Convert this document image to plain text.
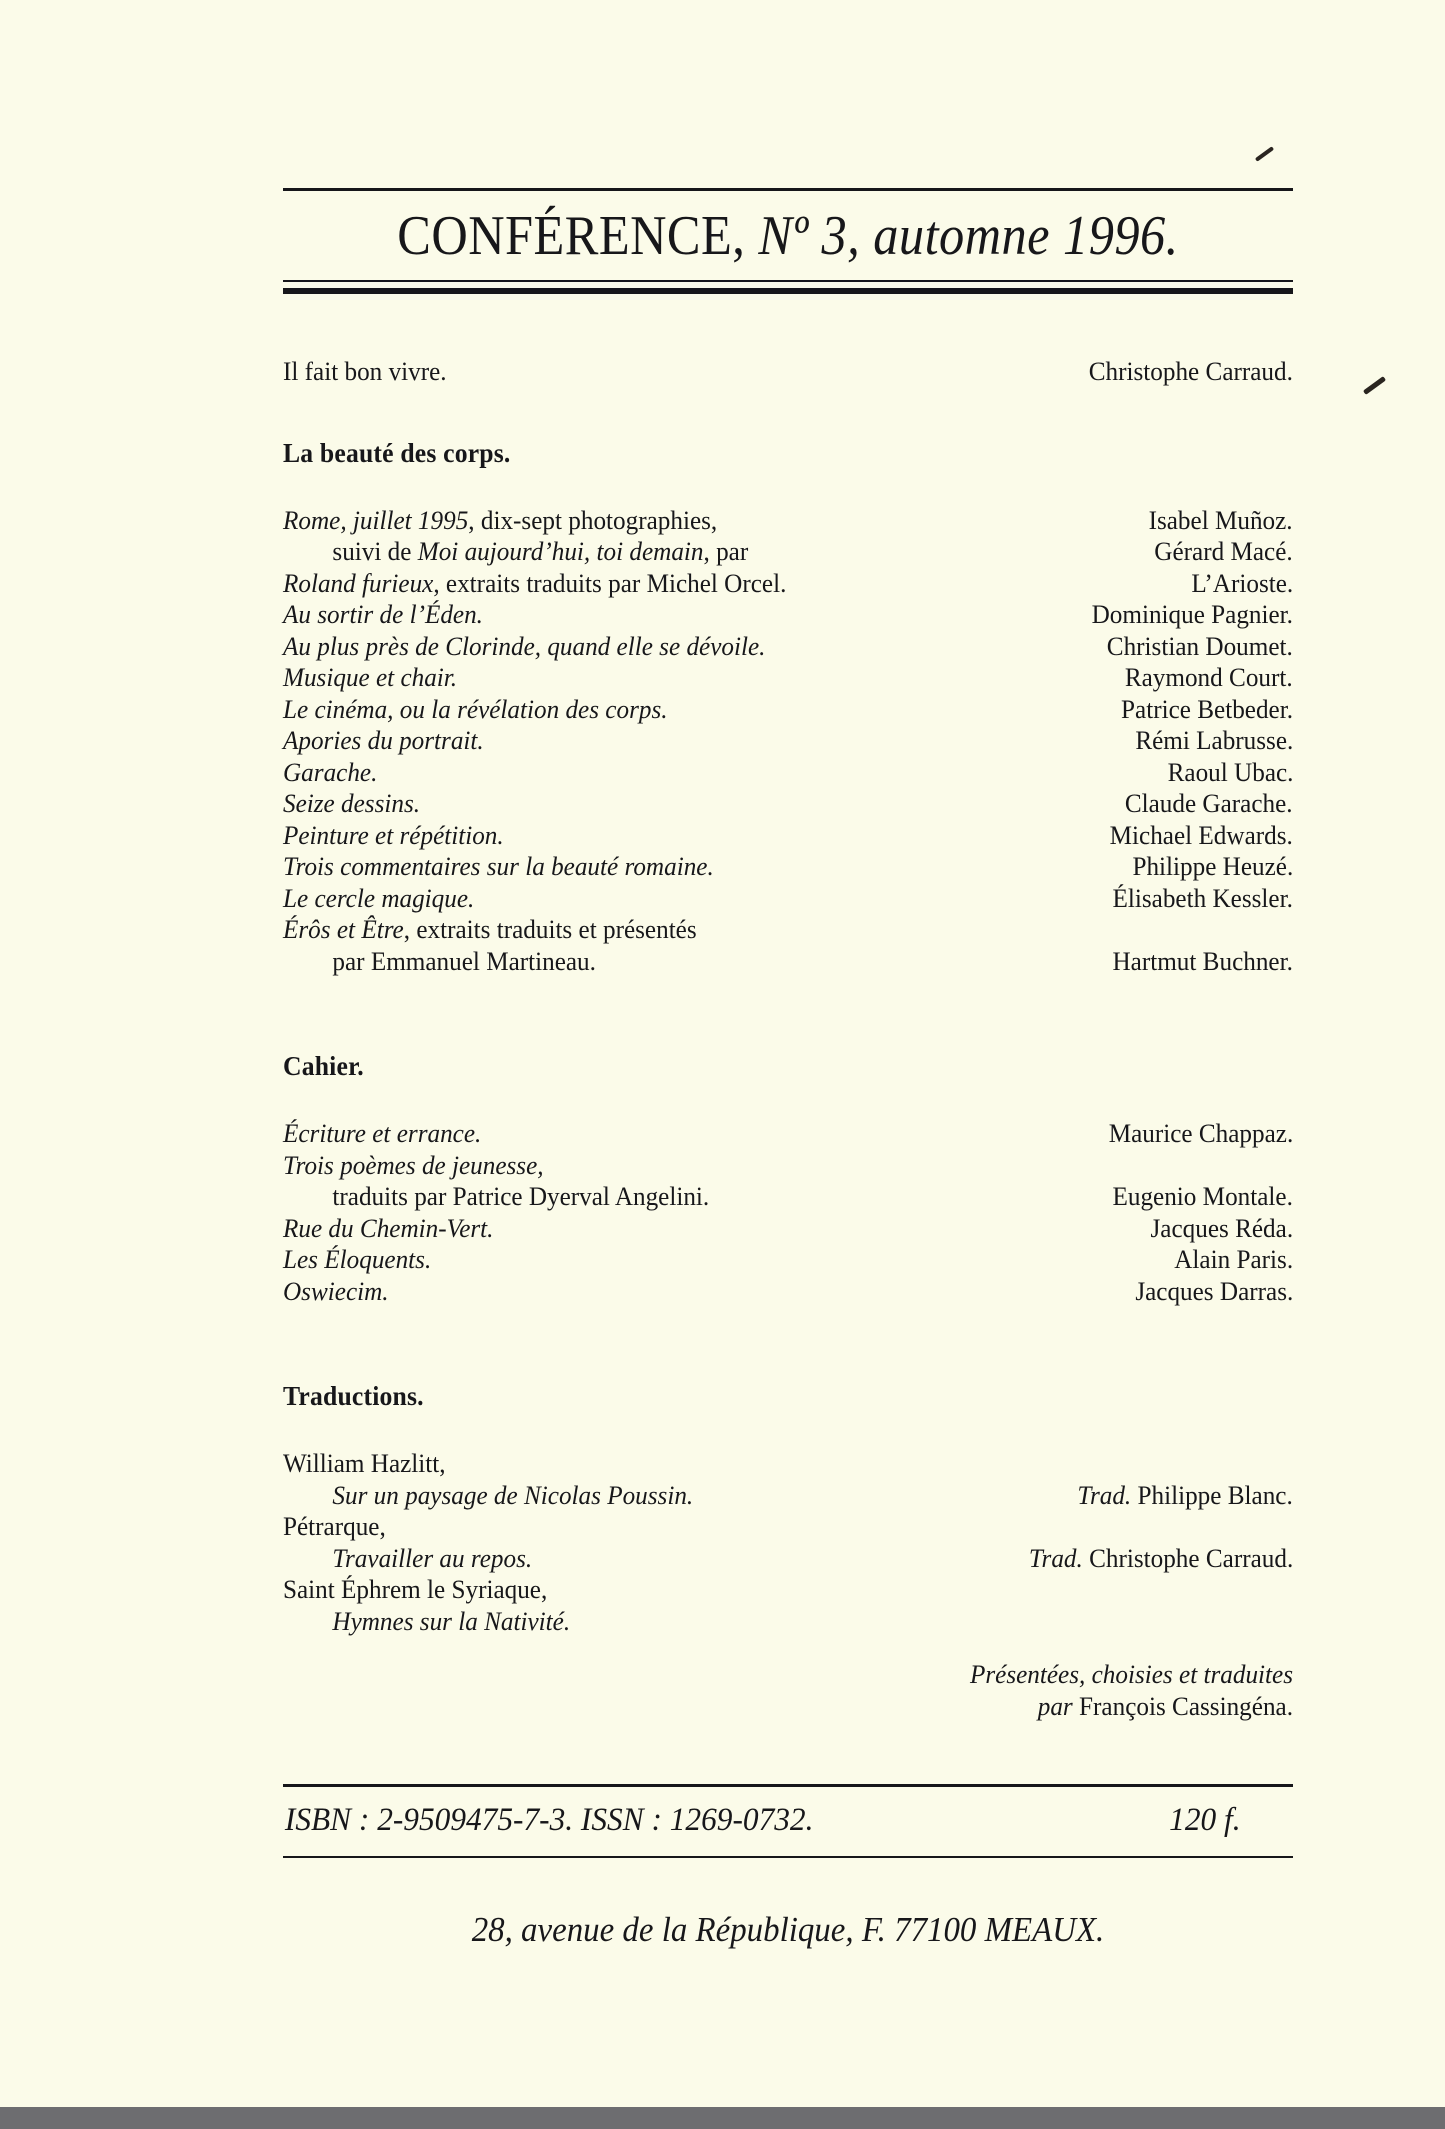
CONFÉRENCE, Nº 3, automne 1996.
Il fait bon vivre.	Christophe Carraud.
La beauté des corps.
Rome, juillet 1995, dix-sept photographies,	Isabel Muñoz.
suivi de Moi aujourd’hui, toi demain, par	Gérard Macé.
Roland furieux, extraits traduits par Michel Orcel.	L’Arioste.
Au sortir de l’Éden.	Dominique Pagnier.
Au plus près de Clorinde, quand elle se dévoile.	Christian Doumet.
Musique et chair.	Raymond Court.
Le cinéma, ou la révélation des corps.	Patrice Betbeder.
Apories du portrait.	Rémi Labrusse.
Garache.	Raoul Ubac.
Seize dessins.	Claude Garache.
Peinture et répétition.	Michael Edwards.
Trois commentaires sur la beauté romaine.	Philippe Heuzé.
Le cercle magique.	Élisabeth Kessler.
Érôs et Être, extraits traduits et présentés
par Emmanuel Martineau.	Hartmut Buchner.
Cahier.
Écriture et errance.	Maurice Chappaz.
Trois poèmes de jeunesse,
traduits par Patrice Dyerval Angelini.	Eugenio Montale.
Rue du Chemin-Vert.	Jacques Réda.
Les Éloquents.	Alain Paris.
Oswiecim.	Jacques Darras.
Traductions.
William Hazlitt,
Sur un paysage de Nicolas Poussin.	Trad. Philippe Blanc.
Pétrarque,
Travailler au repos.	Trad. Christophe Carraud.
Saint Éphrem le Syriaque,
Hymnes sur la Nativité.
Présentées, choisies et traduites
par François Cassingéna.
ISBN : 2-9509475-7-3. ISSN : 1269-0732.	120 f.
28, avenue de la République, F. 77100 MEAUX.
